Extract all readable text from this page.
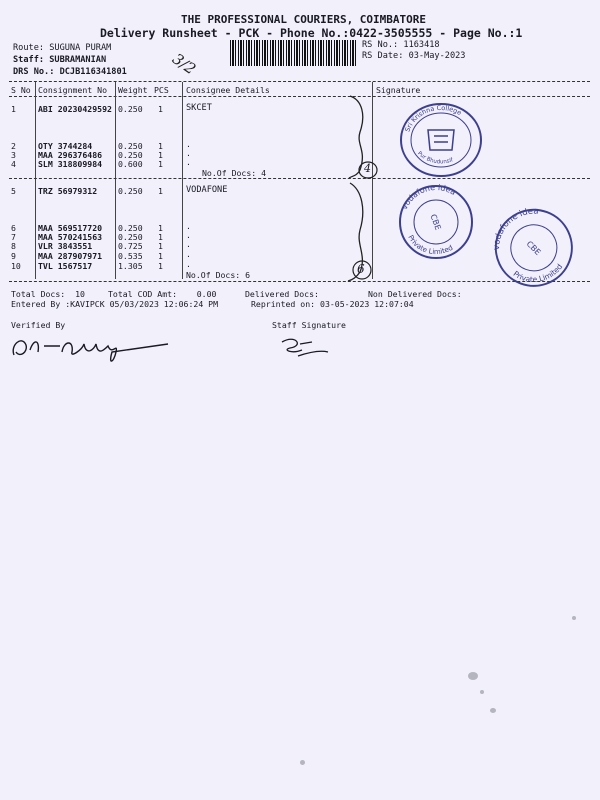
THE PROFESSIONAL COURIERS, COIMBATORE
Delivery Runsheet - PCK - Phone No.:0422-3505555 - Page No.:1
Route: SUGUNA PURAM
Staff: SUBRAMANIAN
DRS No.: DCJB116341801
RS No.: 1163418
RS Date: 03-May-2023
3/2
S No Consignment No Weight PCS Consignee Details	Signature
1	ABI 20230429592 0.250 1	SKCET
2	OTY 3744284	0.250 1	.
3	MAA 296376486 0.250 1	.
4	SLM 318809984 0.600 1	.
No.Of Docs: 4
5	TRZ 56979312	0.250 1	VODAFONE
6	MAA 569517720 0.250 1	.
7	MAA 570241563 0.250 1	.
8	VLR 3843551	0.725 1	.
9	MAA 287907971 0.535 1	.
10 TVL 1567517	1.305 1	.
No.Of Docs: 6
4
6
Sri Krishna College
Pur Bhudunsif
vodafone idea
Private Limited
CBE
vodafone idea
Private Limited
CBE
Total Docs:  10	Total COD Amt:    0.00	Delivered Docs:	Non Delivered Docs:
Entered By :KAVIPCK 05/03/2023 12:06:24 PM	Reprinted on: 03-05-2023 12:07:04
Verified By	Staff Signature
